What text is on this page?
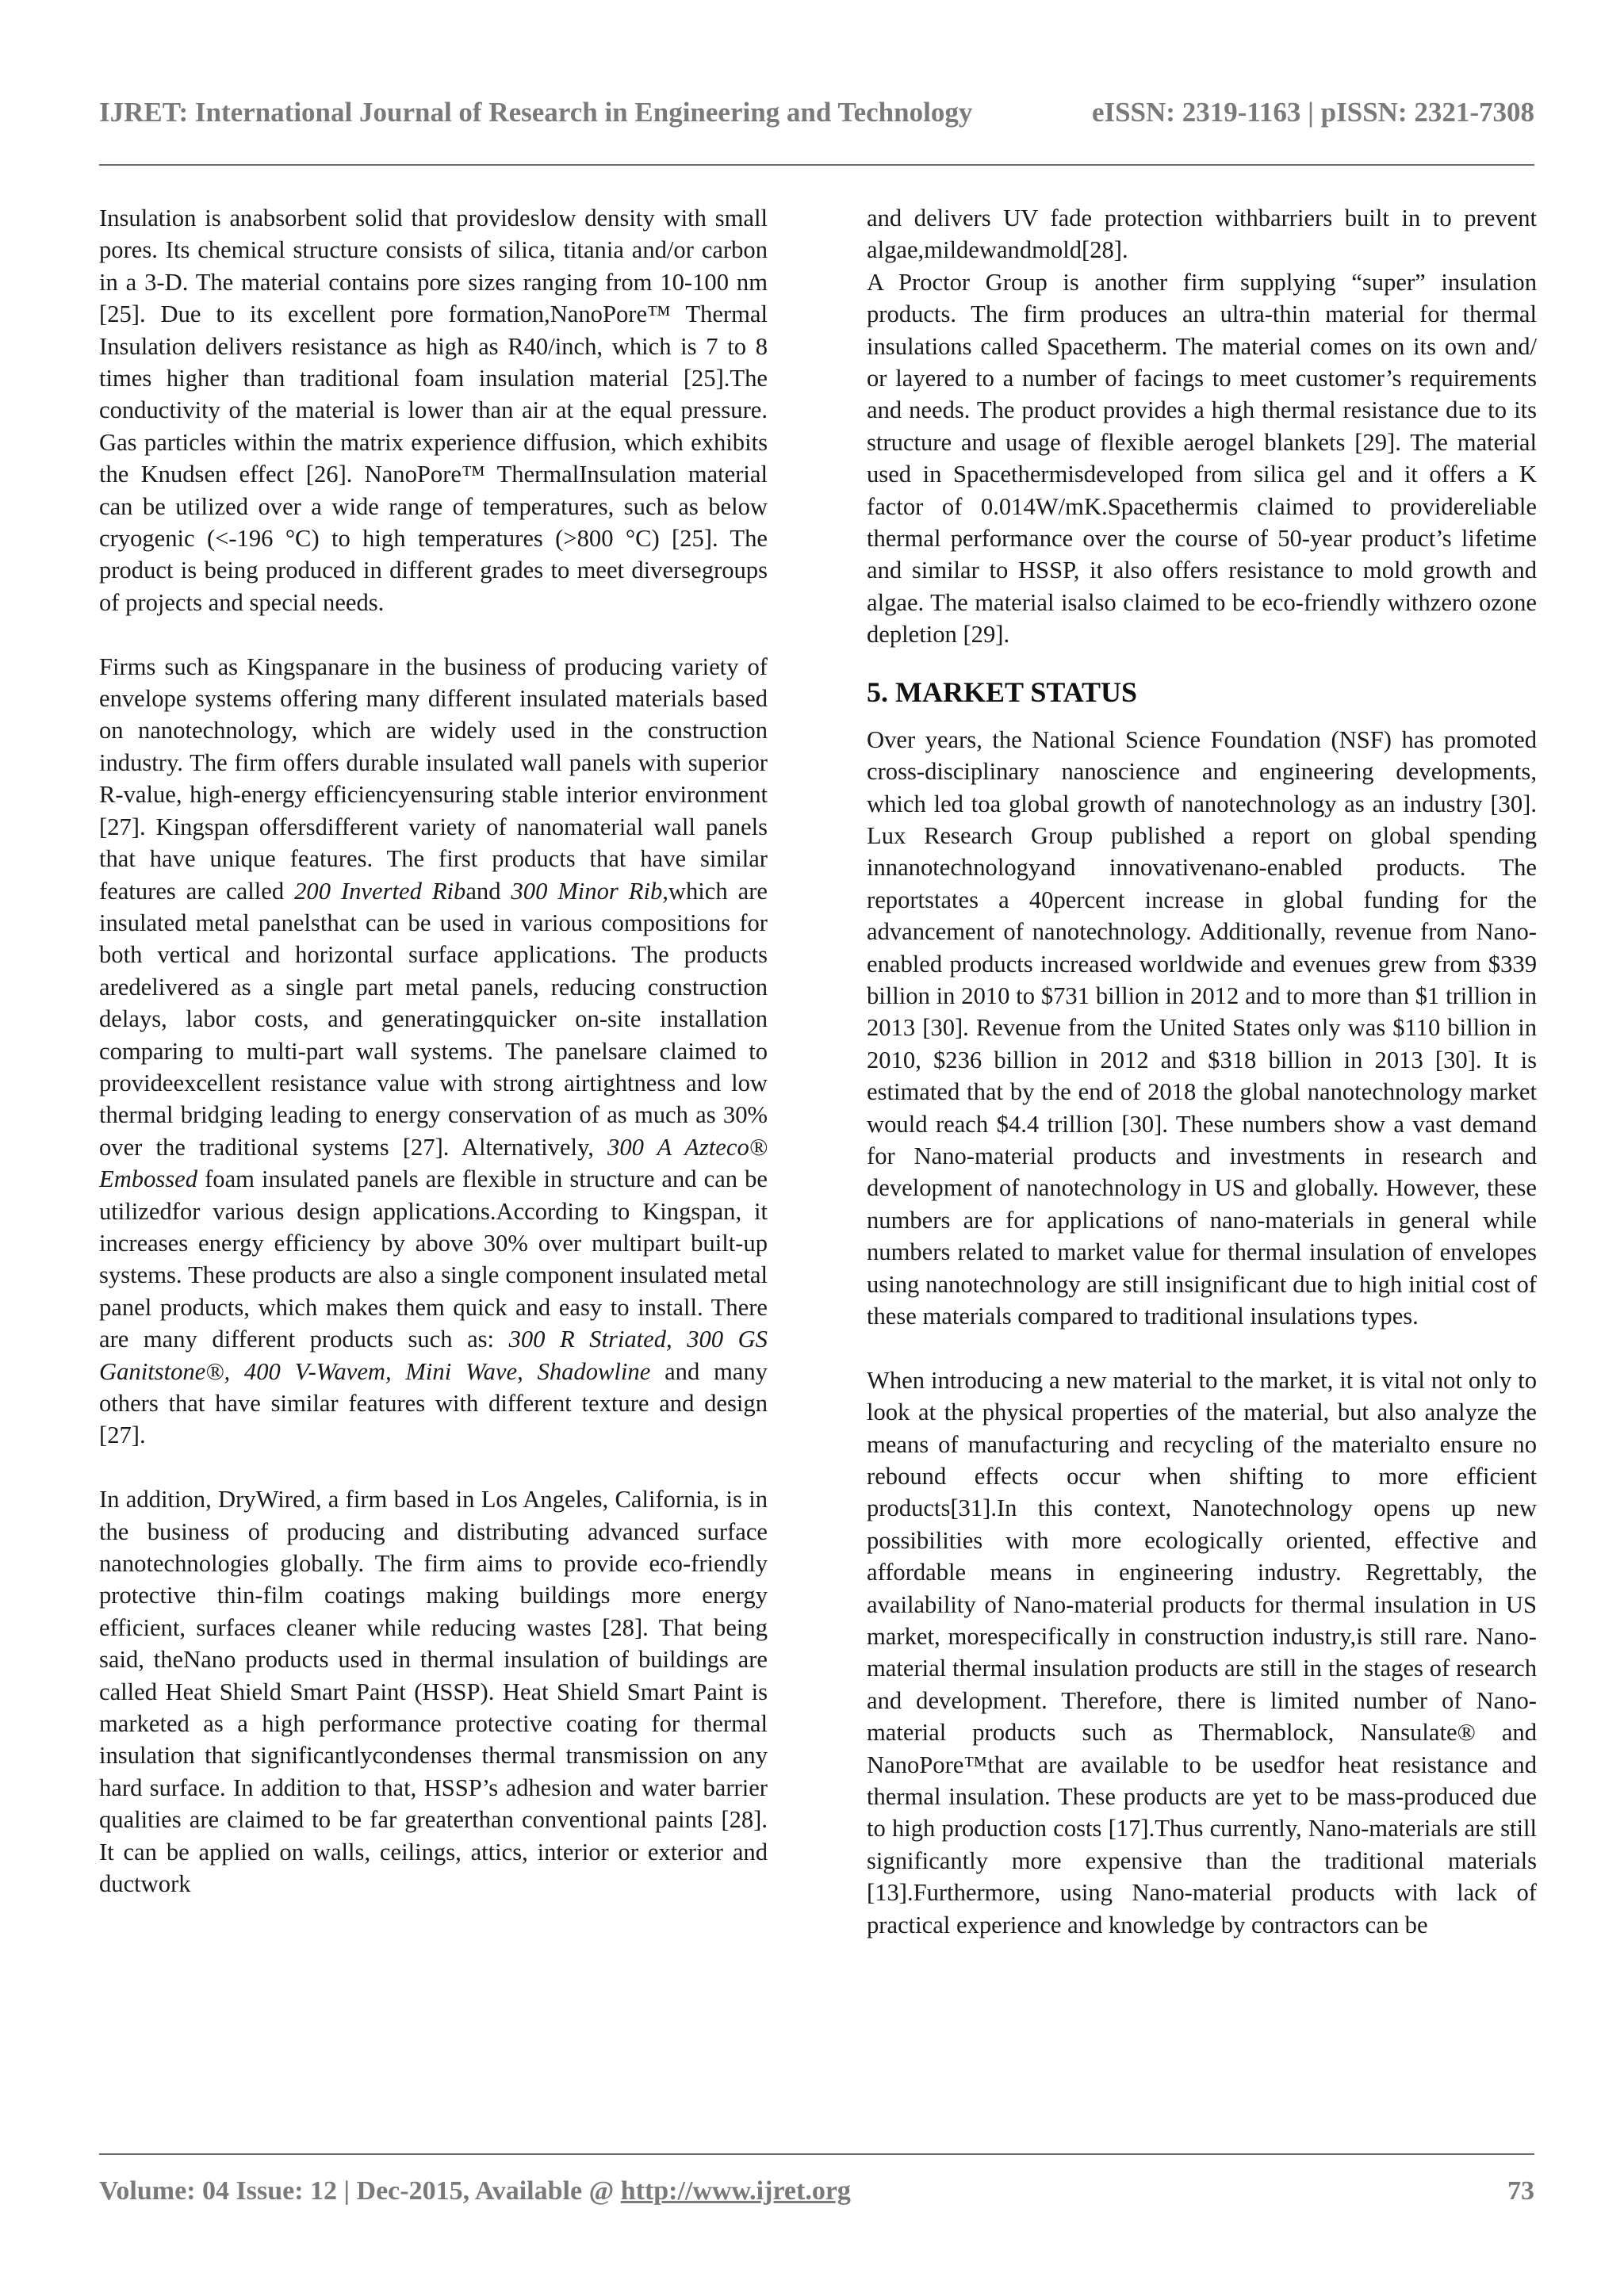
IJRET: International Journal of Research in Engineering and Technology	eISSN: 2319-1163 | pISSN: 2321-7308

Insulation is anabsorbent solid that provideslow density with small pores. Its chemical structure consists of silica, titania and/or carbon in a 3-D. The material contains pore sizes ranging from 10-100 nm [25]. Due to its excellent pore formation,NanoPore™ Thermal Insulation delivers resistance as high as R40/inch, which is 7 to 8 times higher than traditional foam insulation material [25].The conductivity of the material is lower than air at the equal pressure. Gas particles within the matrix experience diffusion, which exhibits the Knudsen effect [26]. NanoPore™ ThermalInsulation material can be utilized over a wide range of temperatures, such as below cryogenic (<-196 °C) to high temperatures (>800 °C) [25]. The product is being produced in different grades to meet diversegroups of projects and special needs.

Firms such as Kingspanare in the business of producing variety of envelope systems offering many different insulated materials based on nanotechnology, which are widely used in the construction industry. The firm offers durable insulated wall panels with superior R-value, high-energy efficiencyensuring stable interior environment [27]. Kingspan offersdifferent variety of nanomaterial wall panels that have unique features. The first products that have similar features are called 200 Inverted Riband 300 Minor Rib,which are insulated metal panelsthat can be used in various compositions for both vertical and horizontal surface applications. The products aredelivered as a single part metal panels, reducing construction delays, labor costs, and generatingquicker on-site installation comparing to multi-part wall systems. The panelsare claimed to provideexcellent resistance value with strong airtightness and low thermal bridging leading to energy conservation of as much as 30% over the traditional systems [27]. Alternatively, 300 A Azteco® Embossed foam insulated panels are flexible in structure and can be utilizedfor various design applications.According to Kingspan, it increases energy efficiency by above 30% over multipart built-up systems. These products are also a single component insulated metal panel products, which makes them quick and easy to install. There are many different products such as: 300 R Striated, 300 GS Ganitstone®, 400 V-Wavem, Mini Wave, Shadowline and many others that have similar features with different texture and design [27].

In addition, DryWired, a firm based in Los Angeles, California, is in the business of producing and distributing advanced surface nanotechnologies globally. The firm aims to provide eco-friendly protective thin-film coatings making buildings more energy efficient, surfaces cleaner while reducing wastes [28]. That being said, theNano products used in thermal insulation of buildings are called Heat Shield Smart Paint (HSSP). Heat Shield Smart Paint is marketed as a high performance protective coating for thermal insulation that significantlycondenses thermal transmission on any hard surface. In addition to that, HSSP’s adhesion and water barrier qualities are claimed to be far greaterthan conventional paints [28]. It can be applied on walls, ceilings, attics, interior or exterior and ductwork

and delivers UV fade protection withbarriers built in to prevent algae,mildewandmold[28].

A Proctor Group is another firm supplying “super” insulation products. The firm produces an ultra-thin material for thermal insulations called Spacetherm. The material comes on its own and/ or layered to a number of facings to meet customer’s requirements and needs. The product provides a high thermal resistance due to its structure and usage of flexible aerogel blankets [29]. The material used in Spacethermisdeveloped from silica gel and it offers a K factor of 0.014W/mK.Spacethermis claimed to providereliable thermal performance over the course of 50-year product’s lifetime and similar to HSSP, it also offers resistance to mold growth and algae. The material isalso claimed to be eco-friendly withzero ozone depletion [29].

5. MARKET STATUS

Over years, the National Science Foundation (NSF) has promoted cross-disciplinary nanoscience and engineering developments, which led toa global growth of nanotechnology as an industry [30]. Lux Research Group published a report on global spending innanotechnologyand innovativenano-enabled products. The reportstates a 40percent increase in global funding for the advancement of nanotechnology. Additionally, revenue from Nano-enabled products increased worldwide and evenues grew from $339 billion in 2010 to $731 billion in 2012 and to more than $1 trillion in 2013 [30]. Revenue from the United States only was $110 billion in 2010, $236 billion in 2012 and $318 billion in 2013 [30]. It is estimated that by the end of 2018 the global nanotechnology market would reach $4.4 trillion [30]. These numbers show a vast demand for Nano-material products and investments in research and development of nanotechnology in US and globally. However, these numbers are for applications of nano-materials in general while numbers related to market value for thermal insulation of envelopes using nanotechnology are still insignificant due to high initial cost of these materials compared to traditional insulations types.

When introducing a new material to the market, it is vital not only to look at the physical properties of the material, but also analyze the means of manufacturing and recycling of the materialto ensure no rebound effects occur when shifting to more efficient products[31].In this context, Nanotechnology opens up new possibilities with more ecologically oriented, effective and affordable means in engineering industry. Regrettably, the availability of Nano-material products for thermal insulation in US market, morespecifically in construction industry,is still rare. Nano-material thermal insulation products are still in the stages of research and development. Therefore, there is limited number of Nano-material products such as Thermablock, Nansulate® and NanoPore™that are available to be usedfor heat resistance and thermal insulation. These products are yet to be mass-produced due to high production costs [17].Thus currently, Nano-materials are still significantly more expensive than the traditional materials [13].Furthermore, using Nano-material products with lack of practical experience and knowledge by contractors can be

Volume: 04 Issue: 12 | Dec-2015, Available @ http://www.ijret.org	73
